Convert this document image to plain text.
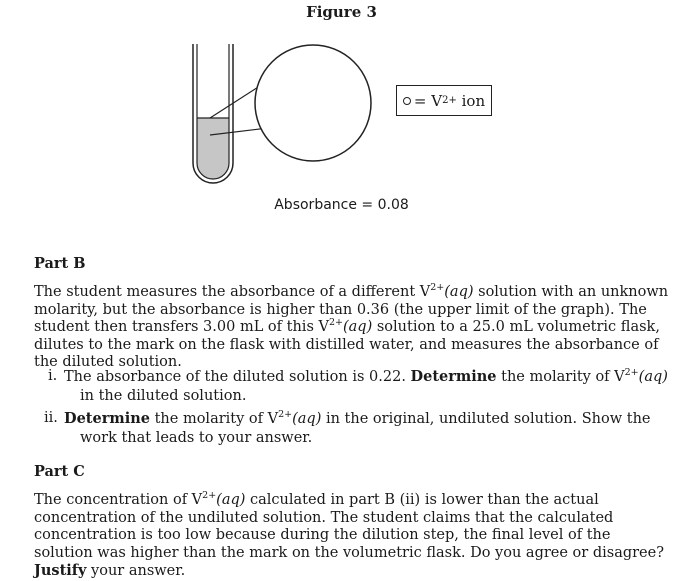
Figure 3
=
V 2+
ion
Absorbance = 0.08
Part B
The student measures the absorbance of a different $V^{2+}(aq)$ solution with an unknown molarity, but the absorbance is higher than 0.36 (the upper limit of the graph). The student then transfers 3.00 mL of this $V^{2+}(aq)$ solution to a 25.0 mL volumetric flask, dilutes to the mark on the flask with distilled water, and measures the absorbance of the diluted solution.
i. The absorbance of the diluted solution is 0.22. Determine the molarity of $V^{2+}(aq)$ in the diluted solution.
ii. Determine the molarity of $V^{2+}(aq)$ in the original, undiluted solution. Show the work that leads to your answer.
Part C
The concentration of $V^{2+}(aq)$ calculated in part B (ii) is lower than the actual concentration of the undiluted solution. The student claims that the calculated concentration is too low because during the dilution step, the final level of the solution was higher than the mark on the volumetric flask. Do you agree or disagree? Justify your answer.
